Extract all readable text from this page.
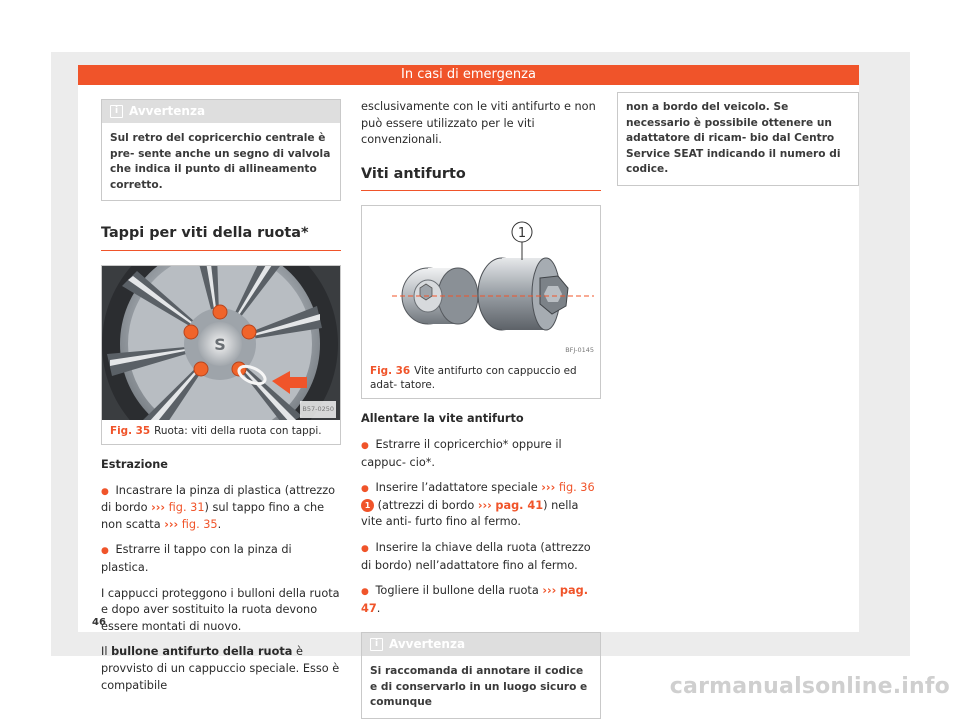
In casi di emergenza
i Avvertenza
Sul retro del copricerchio centrale è pre- sente anche un segno di valvola che indica il punto di allineamento corretto.
Tappi per viti della ruota*
S
B57-0250
Fig. 35 Ruota: viti della ruota con tappi.

Estrazione

● Incastrare la pinza di plastica (attrezzo di bordo ››› fig. 31) sul tappo fino a che non scatta ››› fig. 35.

● Estrarre il tappo con la pinza di plastica.

I cappucci proteggono i bulloni della ruota e dopo aver sostituito la ruota devono essere montati di nuovo.

Il bullone antifurto della ruota è provvisto di un cappuccio speciale. Esso è compatibile

esclusivamente con le viti antifurto e non può essere utilizzato per le viti convenzionali.

Viti antifurto
1
BFJ-0145
Fig. 36 Vite antifurto con cappuccio ed adat- tatore.

Allentare la vite antifurto

● Estrarre il copricerchio* oppure il cappuc- cio*.

● Inserire l’adattatore speciale ››› fig. 36 1 (attrezzi di bordo ››› pag. 41) nella vite anti- furto fino al fermo.

● Inserire la chiave della ruota (attrezzo di bordo) nell’adattatore fino al fermo.

● Togliere il bullone della ruota ››› pag. 47.

i Avvertenza
Si raccomanda di annotare il codice e di conservarlo in un luogo sicuro e comunque
non a bordo del veicolo. Se necessario è possibile ottenere un adattatore di ricam- bio dal Centro Service SEAT indicando il numero di codice.
46
carmanualsonline.info
